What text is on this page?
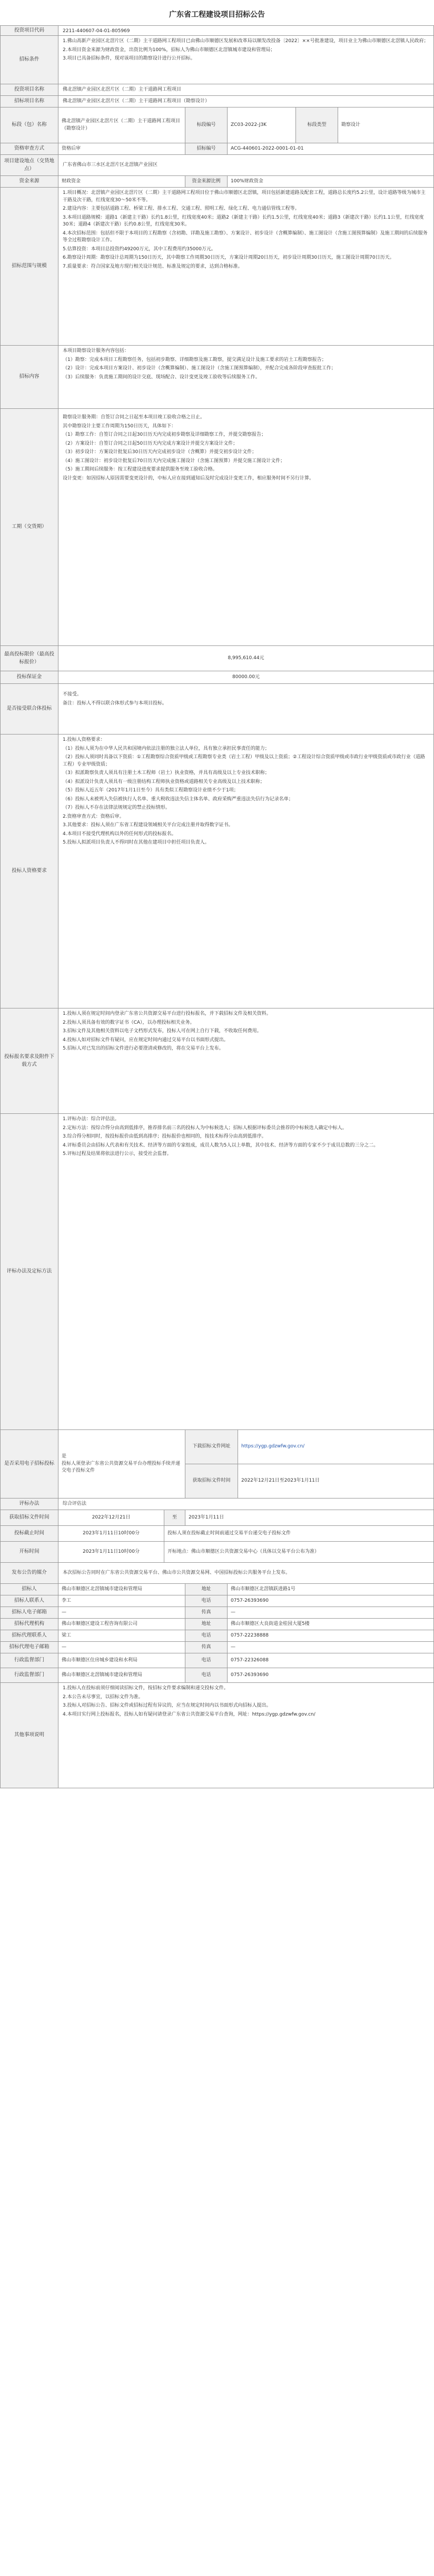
广东省工程建设项目招标公告
投资项目代码	2211-440607-04-01-805969
招标条件

1.佛山高新产业园区北滘片区（二期）主干道路网工程项目已由佛山市顺德区发展和改革局以顺发改投备〔2022〕××号批准建设，项目业主为佛山市顺德区北滘镇人民政府；

2.本项目资金来源为财政资金，出资比例为100%，招标人为佛山市顺德区北滘镇城市建设和管理局；

3.项目已具备招标条件，现对该项目的勘察设计进行公开招标。

投资项目名称	佛北滘镇产业园区北滘片区（二期）主干道路网工程项目
招标项目名称	佛北滘镇产业园区北滘片区（二期）主干道路网工程项目（勘察设计）
标段（包）名称
佛北滘镇产业园区北滘片区（二期）主干道路网工程项目（勘察设计）
标段编号	ZC03-2022-J3K	标段类型	勘察设计
资格审查方式	资格后审	招标编号	ACG-440601-2022-0001-01-01
项目建设地点（交货地点）
广东省佛山市三水区北滘片区北滘镇产业园区
资金来源	财政资金	资金来源比例	100%财政资金
招标范围与规模

1.项目概况：北滘镇产业园区北滘片区（二期）主干道路网工程项目位于佛山市顺德区北滘镇，项目包括新建道路及配套工程，道路总长度约5.2公里，设计道路等级为城市主干路及次干路，红线宽度30～50米不等。

2.建设内容：主要包括道路工程、桥梁工程、排水工程、交通工程、照明工程、绿化工程、电力通信管线工程等。

3.本项目道路规模：道路1（新建主干路）长约1.8公里，红线宽度40米；道路2（新建主干路）长约1.5公里，红线宽度40米；道路3（新建次干路）长约1.1公里，红线宽度30米；道路4（新建次干路）长约0.8公里，红线宽度30米。

4.本次招标范围：包括但不限于本项目的工程勘察（含初勘、详勘及施工勘察）、方案设计、初步设计（含概算编制）、施工图设计（含施工图预算编制）及施工期间的后续服务等全过程勘察设计工作。

5.估算投资：本项目总投资约49200万元，其中工程费用约35000万元。

6.勘察设计周期：勘察设计总周期为150日历天，其中勘察工作周期30日历天，方案设计周期20日历天，初步设计周期30日历天，施工图设计周期70日历天。

7.质量要求：符合国家及地方现行相关设计规范、标准及规定的要求，达到合格标准。

招标内容

本项目勘察设计服务内容包括：

（1）勘察：完成本项目工程勘察任务，包括初步勘察、详细勘察及施工勘察，提交满足设计及施工要求的岩土工程勘察报告；

（2）设计：完成本项目方案设计、初步设计（含概算编制）、施工图设计（含施工图预算编制），并配合完成各阶段审查报批工作；

（3）后续服务：负责施工期间的设计交底、现场配合、设计变更及竣工验收等后续服务工作。

工期（交货期）

勘察设计服务期：自签订合同之日起至本项目竣工验收合格之日止。

其中勘察设计主要工作周期为150日历天，具体如下：

（1）勘察工作：自签订合同之日起30日历天内完成初步勘察及详细勘察工作，并提交勘察报告；

（2）方案设计：自签订合同之日起50日历天内完成方案设计并提交方案设计文件；

（3）初步设计：方案设计批复后30日历天内完成初步设计（含概算）并提交初步设计文件；

（4）施工图设计：初步设计批复后70日历天内完成施工图设计（含施工图预算）并提交施工图设计文件；

（5）施工期间后续服务：按工程建设进度要求提供服务至竣工验收合格。

设计变更：如因招标人原因需要变更设计的，中标人应在接到通知后及时完成设计变更工作，相应服务时间不另行计算。

最高投标限价（最高投标报价）
8,995,610.44元
投标保证金	80000.00元
是否接受联合体投标

不接受。

备注：投标人不得以联合体形式参与本项目投标。

投标人资格要求

1.投标人资格要求：

（1）投标人须为在中华人民共和国境内依法注册的独立法人单位，具有独立承担民事责任的能力；

（2）投标人须同时具备以下资质：①工程勘察综合资质甲级或工程勘察专业类（岩土工程）甲级及以上资质；②工程设计综合资质甲级或市政行业甲级资质或市政行业（道路工程）专业甲级资质；

（3）拟派勘察负责人须具有注册土木工程师（岩土）执业资格，并具有高级及以上专业技术职称；

（4）拟派设计负责人须具有一级注册结构工程师执业资格或道路相关专业高级及以上技术职称；

（5）投标人近五年（2017年1月1日至今）具有类似工程勘察设计业绩不少于1项；

（6）投标人未被列入失信被执行人名单、重大税收违法失信主体名单、政府采购严重违法失信行为记录名单；

（7）投标人不存在法律法规规定的禁止投标情形。

2.资格审查方式：资格后审。

3.其他要求：投标人须在广东省工程建设领域相关平台完成注册并取得数字证书。

4.本项目不接受代理机构以外的任何形式的投标报名。

5.投标人拟派项目负责人不得同时在其他在建项目中担任项目负责人。

投标报名要求及附件下载方式

1.投标人须在规定时间内登录广东省公共资源交易平台进行投标报名，并下载招标文件及相关资料。

2.投标人须具备有效的数字证书（CA），以办理投标相关业务。

3.招标文件及其他相关资料以电子文档形式发布，投标人可在网上自行下载，不收取任何费用。

4.投标人如对招标文件有疑问，应在规定时间内通过交易平台以书面形式提出。

5.招标人对已发出的招标文件进行必要澄清或修改的，将在交易平台上发布。

评标办法及定标方法

1.评标办法：综合评估法。

2.定标方法：按综合得分由高到低排序，推荐排名前三名的投标人为中标候选人；招标人根据评标委员会推荐的中标候选人确定中标人。

3.综合得分相同时，按投标报价由低到高排序；投标报价也相同的，按技术标得分由高到低排序。

4.评标委员会由招标人代表和有关技术、经济等方面的专家组成，成员人数为5人以上单数，其中技术、经济等方面的专家不少于成员总数的三分之二。

5.评标过程及结果将依法进行公示，接受社会监督。

是否采用电子招标投标
是
投标人须登录广东省公共资源交易平台办理投标手续并递交电子投标文件
下载招标文件网址	https://ygp.gdzwfw.gov.cn/
获取招标文件时间	2022年12月21日至2023年1月11日
评标办法	综合评估法
获取招标文件时间	2022年12月21日	至	2023年1月11日
投标截止时间	2023年1月11日10时00分	投标人须在投标截止时间前通过交易平台递交电子投标文件
开标时间	2023年1月11日10时00分	开标地点：佛山市顺德区公共资源交易中心（具体以交易平台公布为准）
发布公告的媒介	本次招标公告同时在广东省公共资源交易平台、佛山市公共资源交易网、中国招标投标公共服务平台上发布。
招标人	佛山市顺德区北滘镇城市建设和管理局	地址	佛山市顺德区北滘镇跃进路1号
招标人联系人	李工	电话	0757-26393690
招标人电子邮箱	—	传真	—
招标代理机构	佛山市顺德区建设工程咨询有限公司	地址	佛山市顺德区大良街道金桂园大厦5楼
招标代理联系人	梁工	电话	0757-22238888
招标代理电子邮箱	—	传真	—
行政监督部门	佛山市顺德区住房城乡建设和水利局	电话	0757-22326088
行政监督部门	佛山市顺德区北滘镇城市建设和管理局	电话	0757-26393690
其他事项说明

1.投标人在投标前须仔细阅读招标文件，按招标文件要求编制和递交投标文件。

2.本公告未尽事宜，以招标文件为准。

3.投标人对招标公告、招标文件或招标过程有异议的，应当在规定时间内以书面形式向招标人提出。

4.本项目实行网上投标报名，投标人如有疑问请登录广东省公共资源交易平台查询，网址：https://ygp.gdzwfw.gov.cn/
